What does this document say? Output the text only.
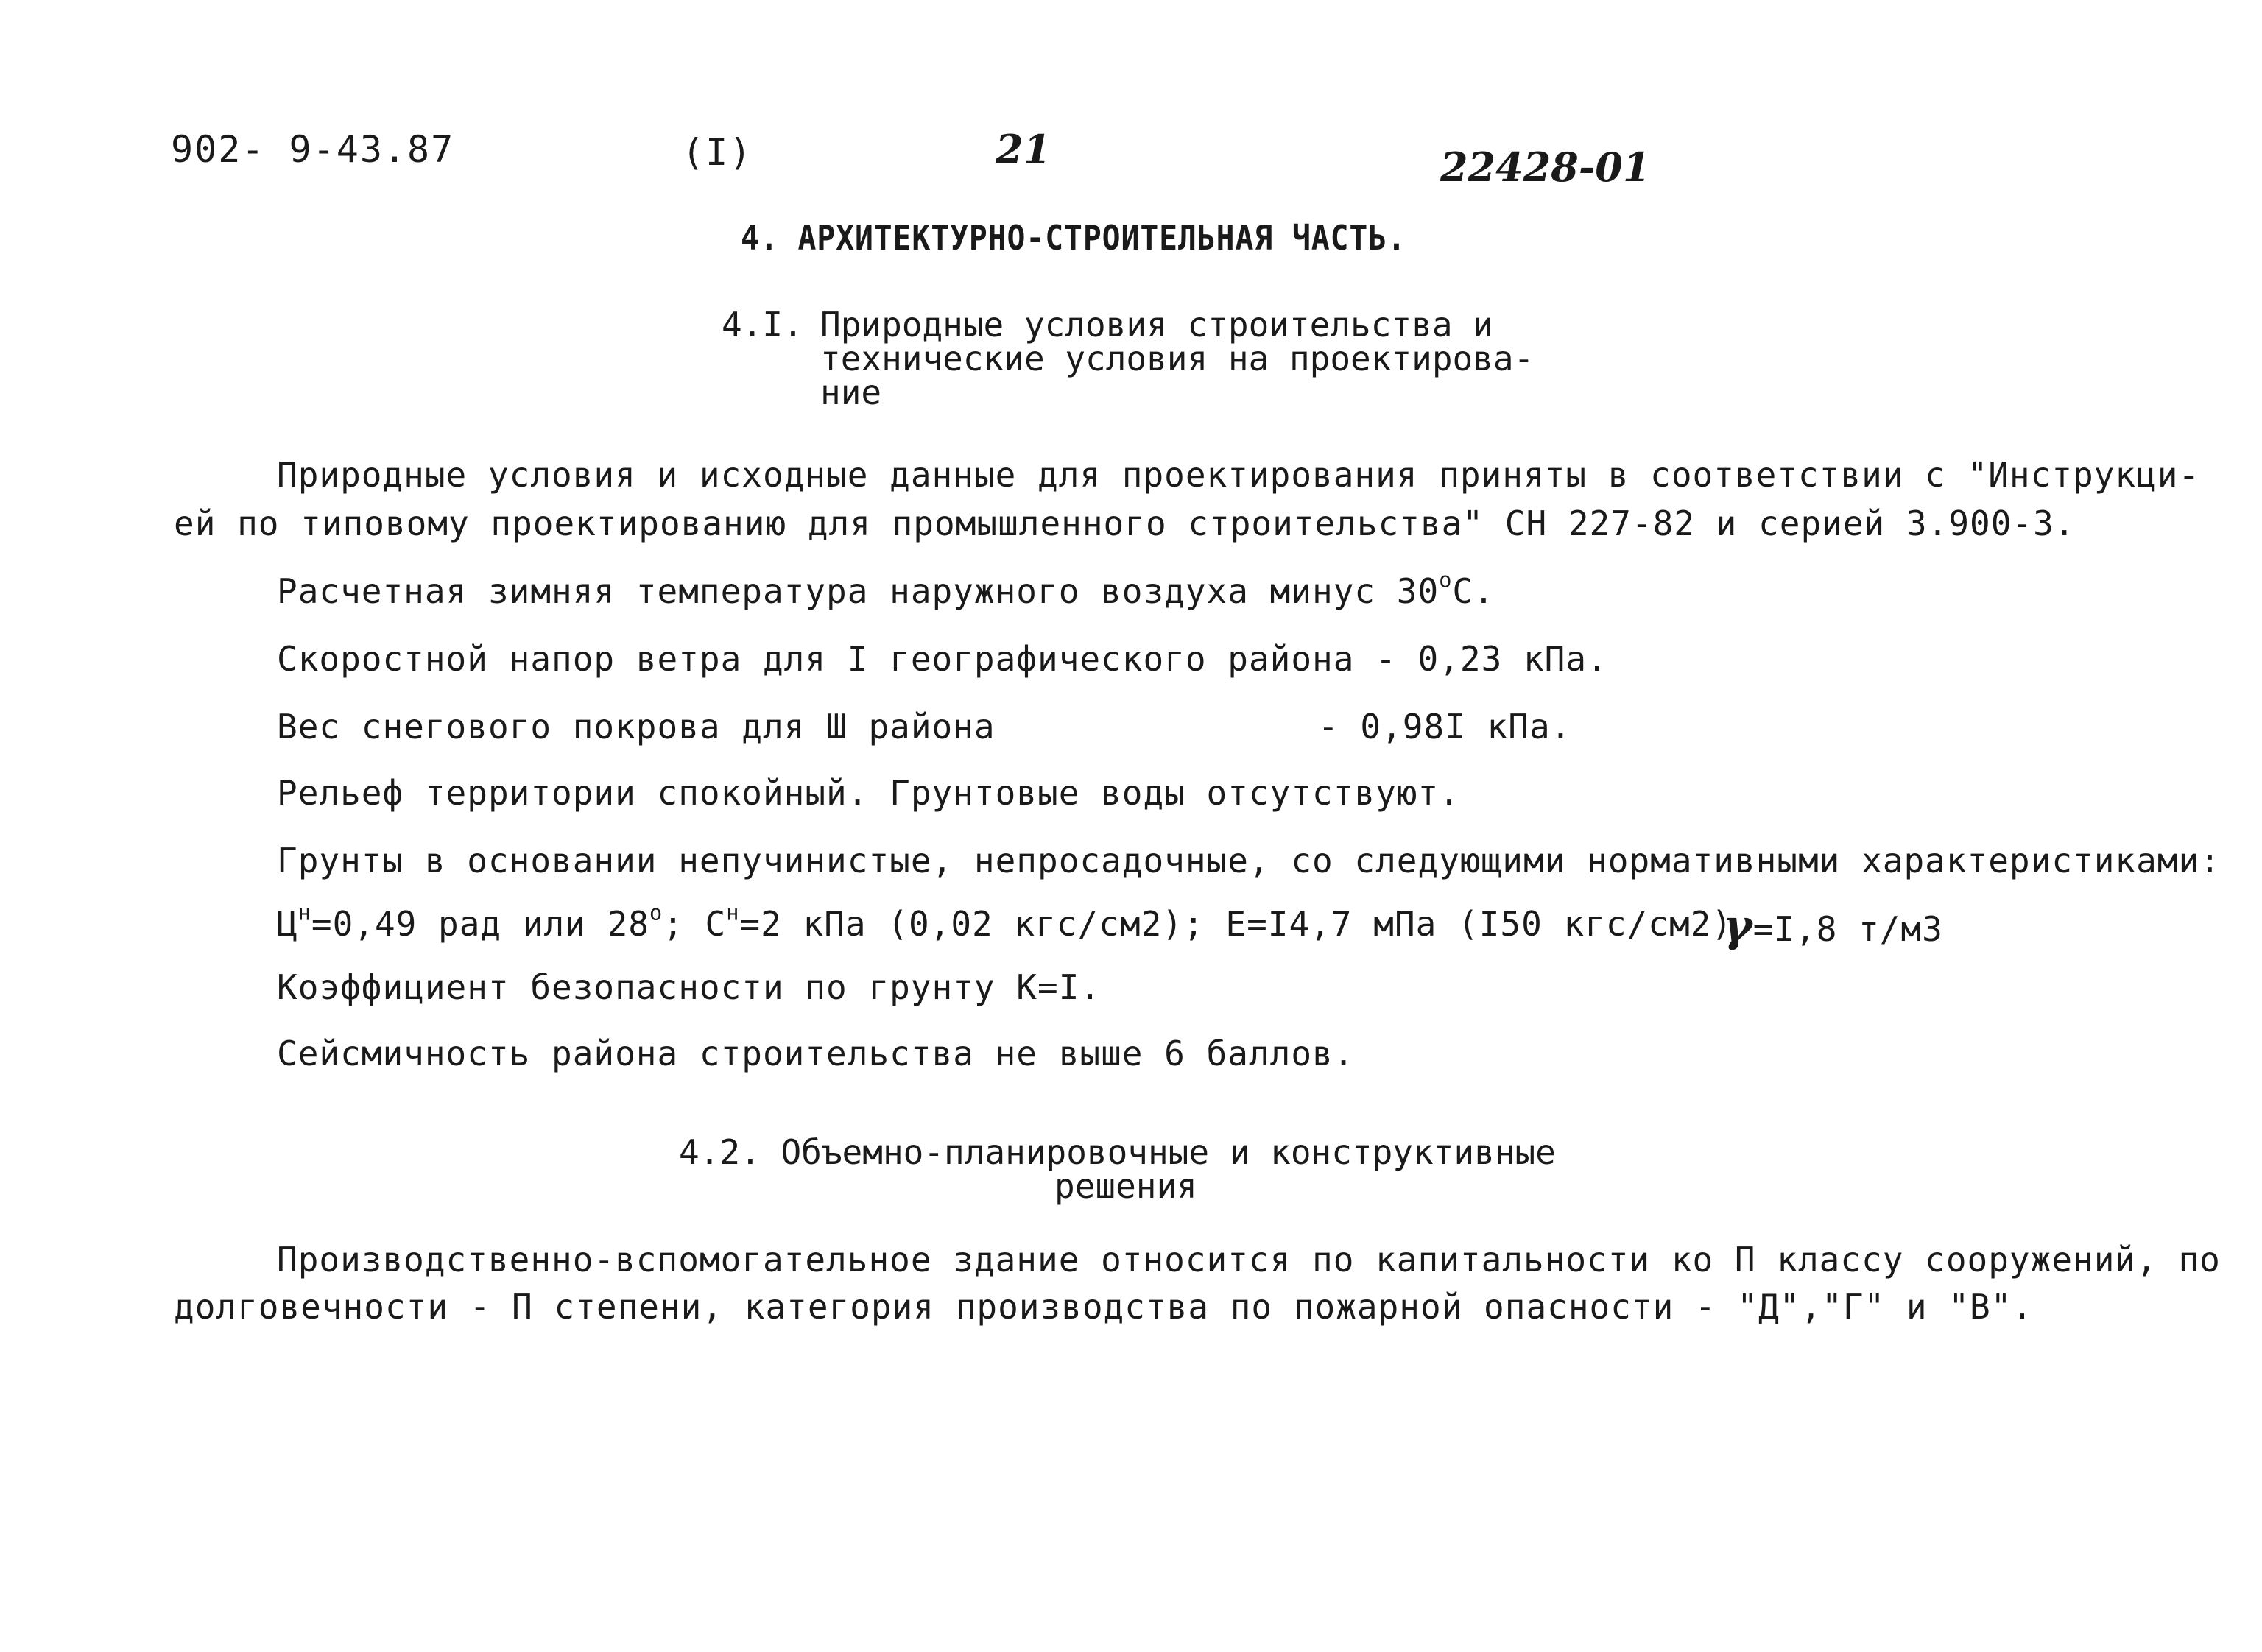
902- 9-43.87	(I)	21	22428-01
4. АРХИТЕКТУРНО-СТРОИТЕЛЬНАЯ ЧАСТЬ.
4.I. Природные условия строительства и
технические условия на проектирова-
ние
Природные условия и исходные данные для проектирования приняты в соответствии с "Инструкци-
ей по типовому проектированию для промышленного строительства" СН 227-82 и серией 3.900-3.
Расчетная зимняя температура наружного воздуха минус $30^оС$.
Скоростной напор ветра для I географического района - 0,23 кПа.
Вес снегового покрова для Ш района	- 0,98I кПа.
Рельеф территории спокойный. Грунтовые воды отсутствуют.
Грунты в основании непучинистые, непросадочные, со следующими нормативными характеристиками:
$Ц^н=0,49$ рад или $28^о$; $С^н=2$ кПа (0,02 кгс/см2); Е=I4,7 мПа (I50 кгс/см2)
γ=I,8 т/м3
Коэффициент безопасности по грунту К=I.
Сейсмичность района строительства не выше 6 баллов.
4.2. Объемно-планировочные и конструктивные
решения
Производственно-вспомогательное здание относится по капитальности ко П классу сооружений, по
долговечности - П степени, категория производства по пожарной опасности - "Д","Г" и "В".
